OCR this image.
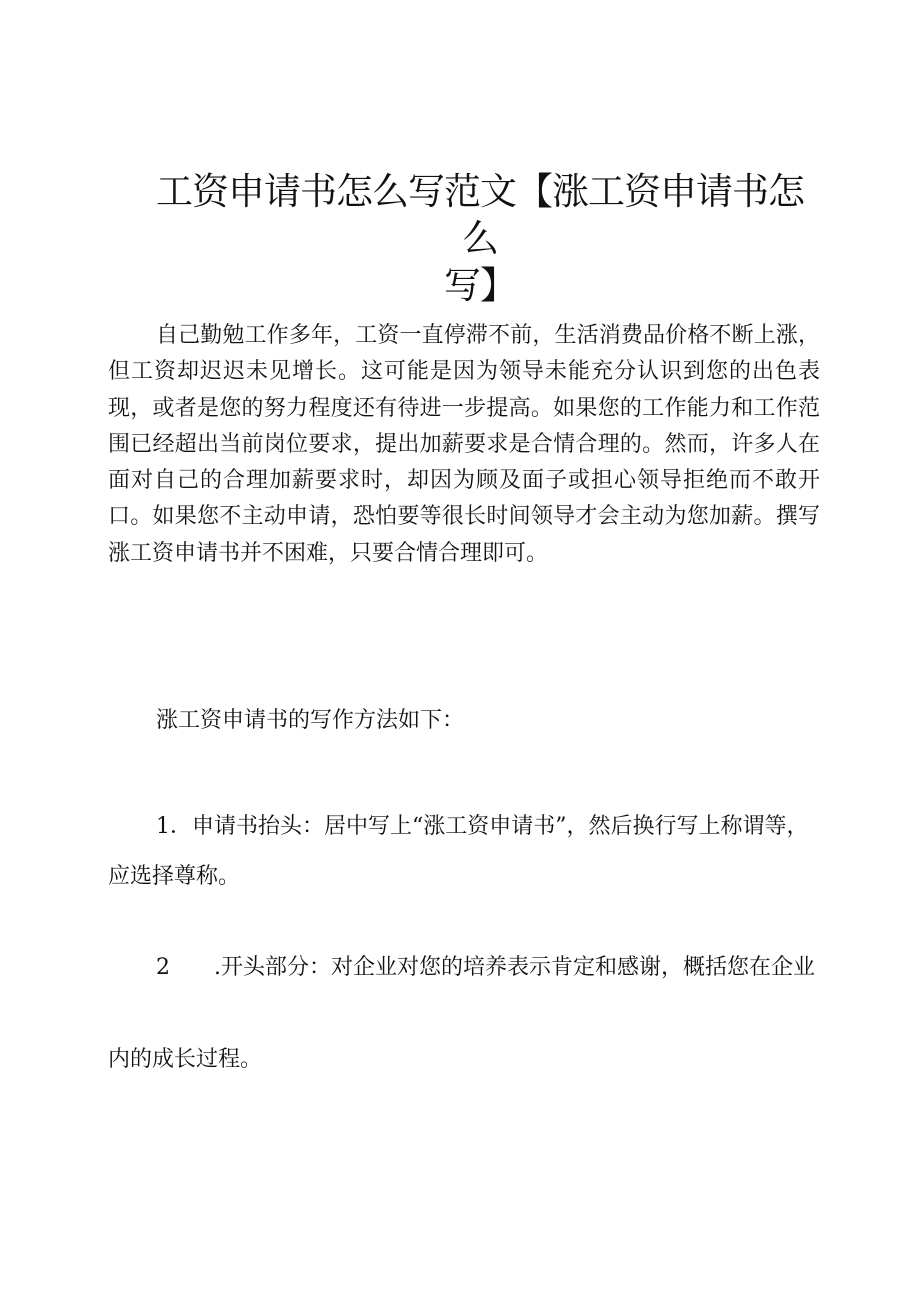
工资申请书怎么写范文【涨工资申请书怎么
写】

自己勤勉工作多年，工资一直停滞不前，生活消费品价格不断上涨，但工资却迟迟未见增长。这可能是因为领导未能充分认识到您的出色表现，或者是您的努力程度还有待进一步提高。如果您的工作能力和工作范围已经超出当前岗位要求，提出加薪要求是合情合理的。然而，许多人在面对自己的合理加薪要求时，却因为顾及面子或担心领导拒绝而不敢开口。如果您不主动申请，恐怕要等很长时间领导才会主动为您加薪。撰写涨工资申请书并不困难，只要合情合理即可。

涨工资申请书的写作方法如下：

1．申请书抬头：居中写上“涨工资申请书”，然后换行写上称谓等，应选择尊称。

2 .开头部分：对企业对您的培养表示肯定和感谢，概括您在企业

内的成长过程。
